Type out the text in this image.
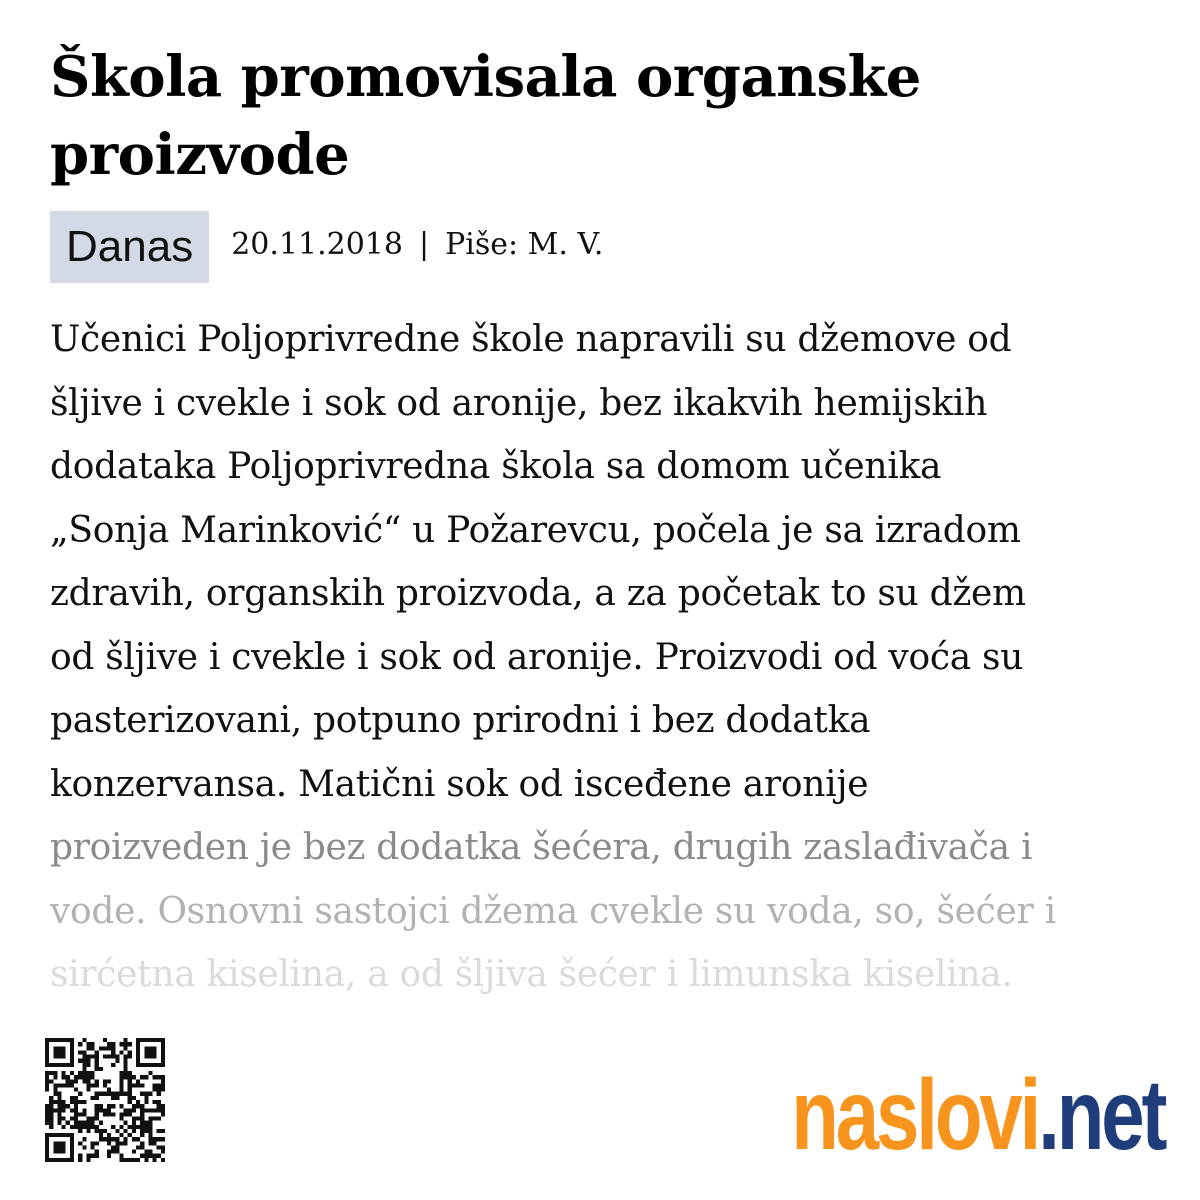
Škola promovisala organske proizvode
Danas	20.11.2018 | Piše: M. V.

Učenici Poljoprivredne škole napravili su džemove od
šljive i cvekle i sok od aronije, bez ikakvih hemijskih
dodataka Poljoprivredna škola sa domom učenika
„Sonja Marinković“ u Požarevcu, počela je sa izradom
zdravih, organskih proizvoda, a za početak to su džem
od šljive i cvekle i sok od aronije. Proizvodi od voća su
pasterizovani, potpuno prirodni i bez dodatka
konzervansa. Matični sok od isceđene aronije
proizveden je bez dodatka šećera, drugih zaslađivača i
vode. Osnovni sastojci džema cvekle su voda, so, šećer i
sirćetna kiselina, a od šljiva šećer i limunska kiselina.

naslovi.net
